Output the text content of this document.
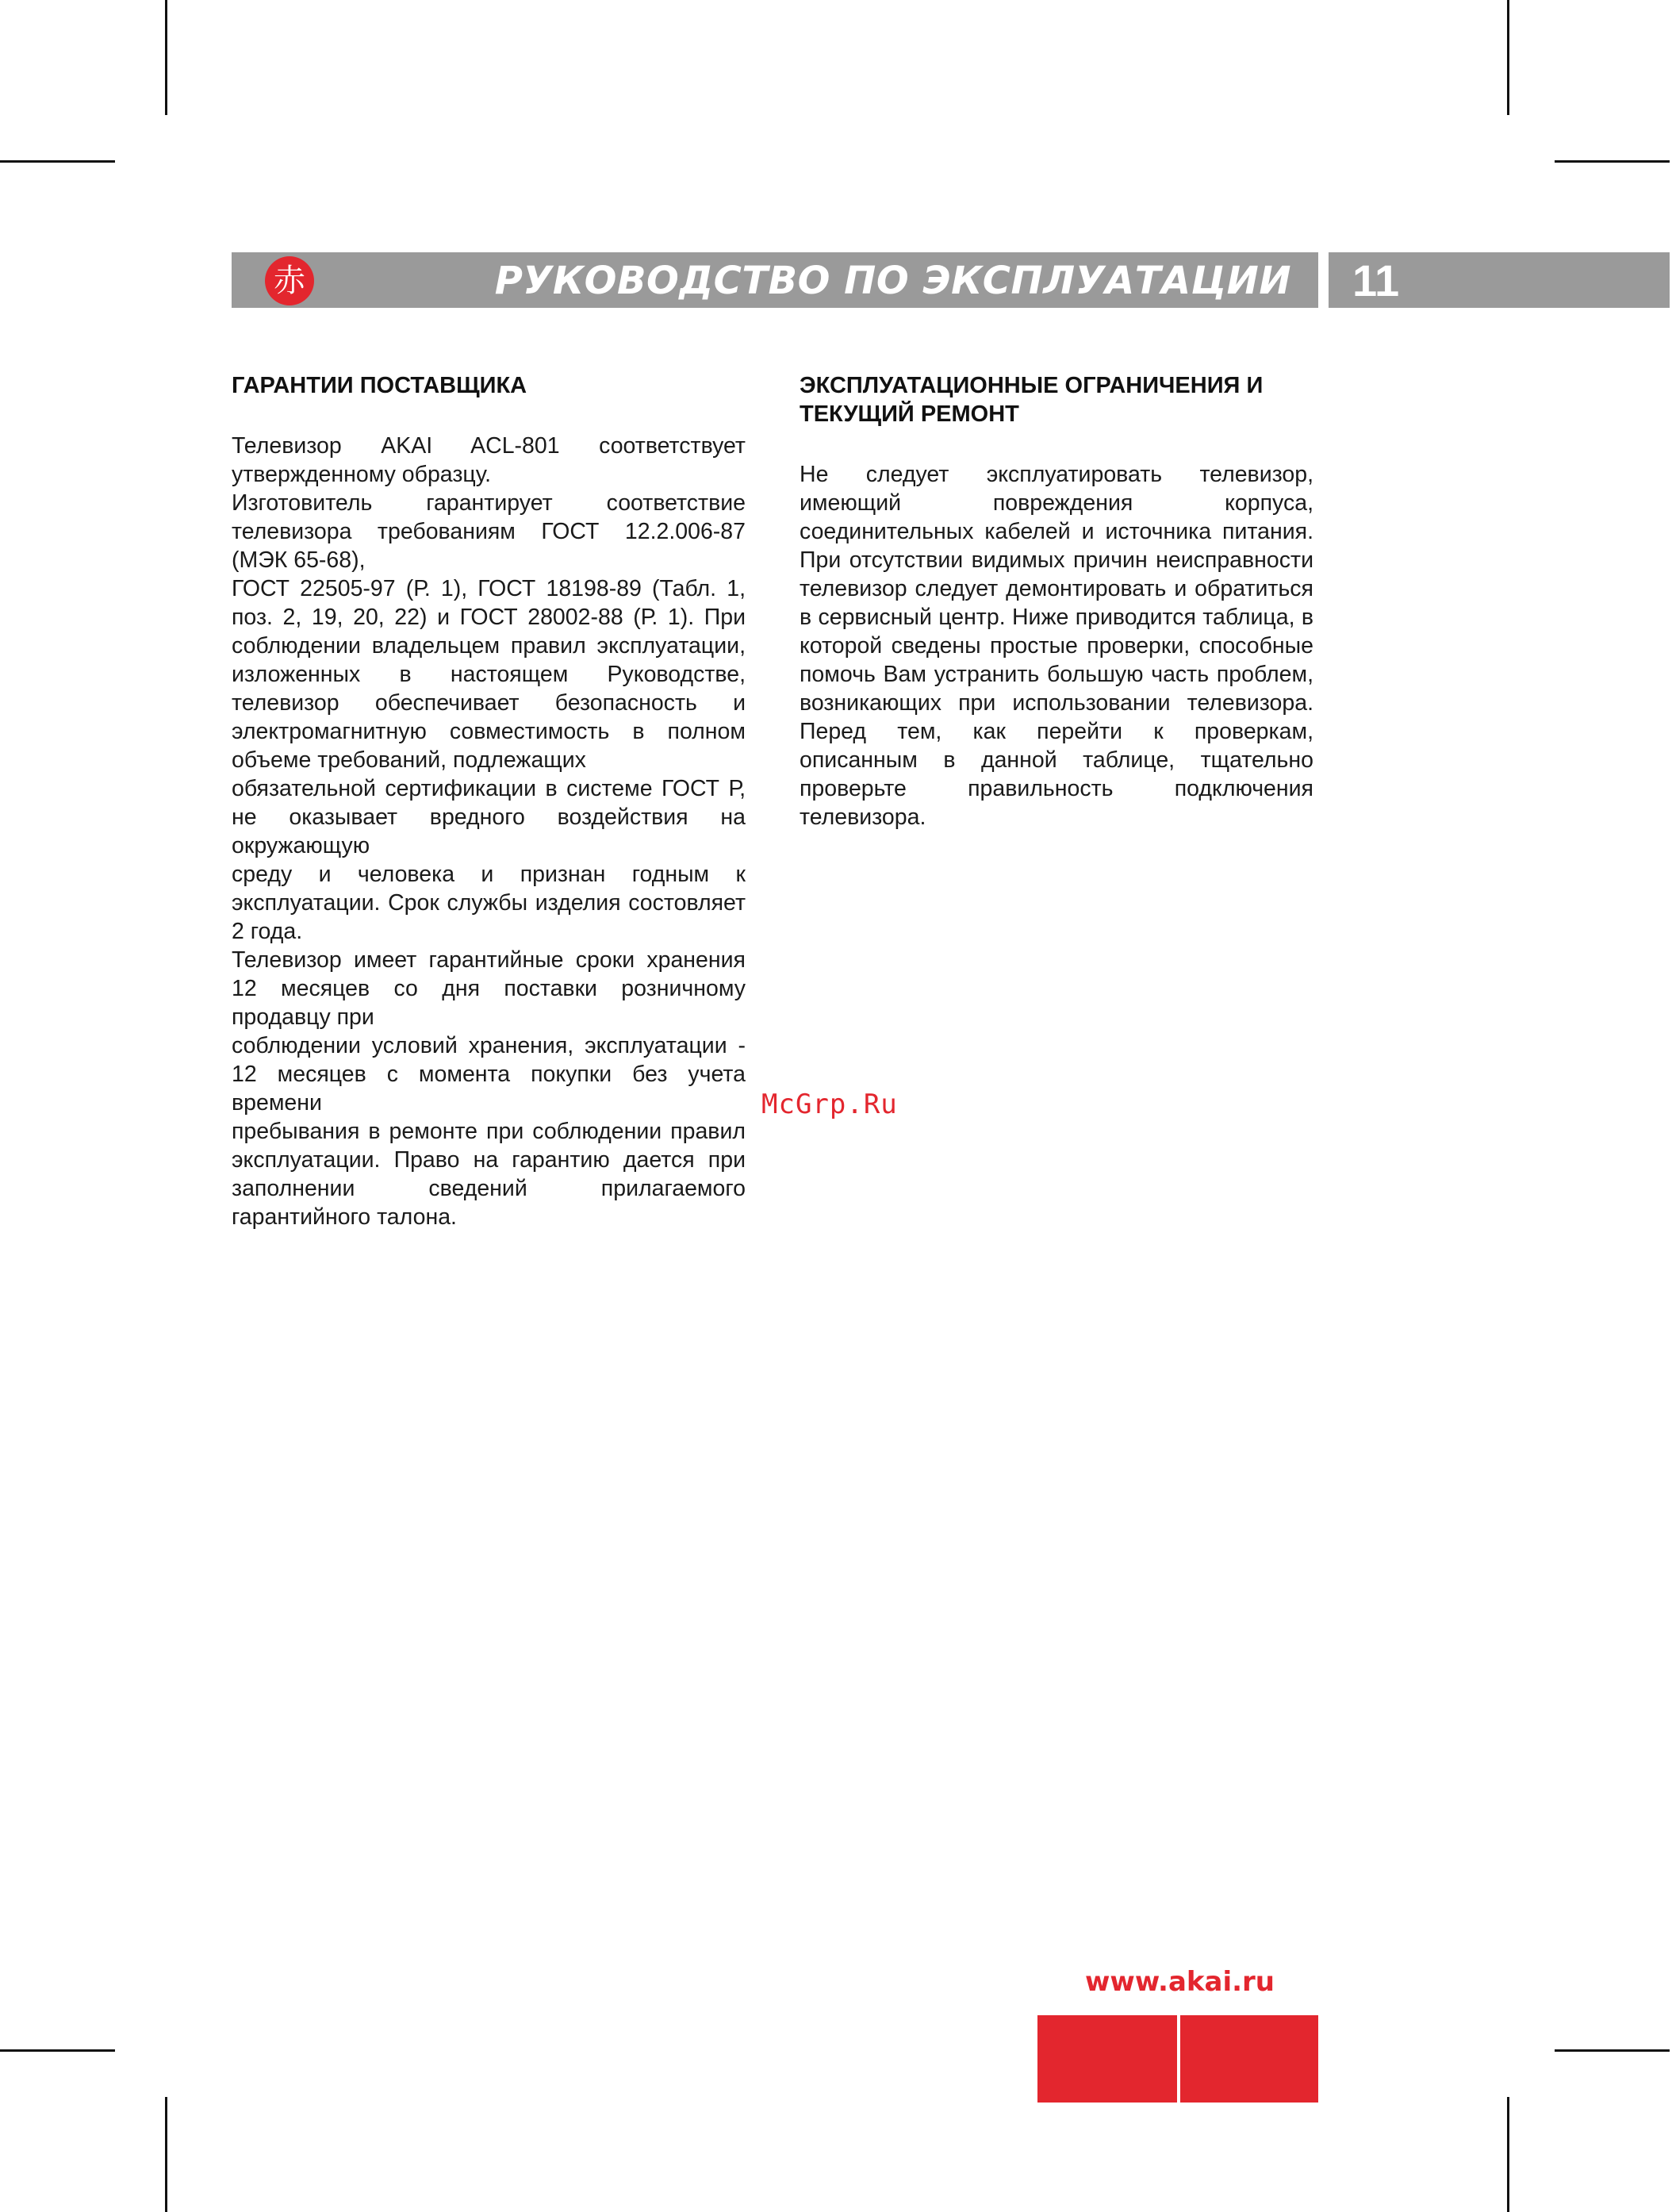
赤	РУКОВОДСТВО ПО ЭКСПЛУАТАЦИИ 11
ГАРАНТИИ ПОСТАВЩИКА

Телевизор AKAI ACL-801 соответствует утвержденному образцу.

Изготовитель гарантирует соответствие телевизора требованиям ГОСТ 12.2.006-87 (МЭК 65-68),

ГОСТ 22505-97 (Р. 1), ГОСТ 18198-89 (Табл. 1, поз. 2, 19, 20, 22) и ГОСТ 28002-88 (Р. 1). При соблюдении владельцем правил эксплуатации, изложенных в настоящем Руководстве, телевизор обеспечивает безопасность и электромагнитную совместимость в полном объеме требований, подлежащих

обязательной сертификации в системе ГОСТ Р, не оказывает вредного воздействия на окружающую

среду и человека и признан годным к эксплуатации. Срок службы изделия состовляет 2 года.

Телевизор имеет гарантийные сроки хранения 12 месяцев со дня поставки розничному продавцу при

соблюдении условий хранения, эксплуатации - 12 месяцев с момента покупки без учета времени

пребывания в ремонте при соблюдении правил эксплуатации. Право на гарантию дается при заполнении сведений прилагаемого гарантийного талона.

ЭКСПЛУАТАЦИОННЫЕ ОГРАНИЧЕНИЯ И ТЕКУЩИЙ РЕМОНТ

Не следует эксплуатировать телевизор, имеющий повреждения корпуса, соединительных кабелей и источника питания. При отсутствии видимых причин неисправности телевизор следует демонтировать и обратиться в сервисный центр. Ниже приводится таблица, в которой сведены простые проверки, способные помочь Вам устранить большую часть проблем, возникающих при использовании телевизора. Перед тем, как перейти к проверкам, описанным в данной таблице, тщательно проверьте правильность подключения телевизора.

McGrp.Ru
www.akai.ru
